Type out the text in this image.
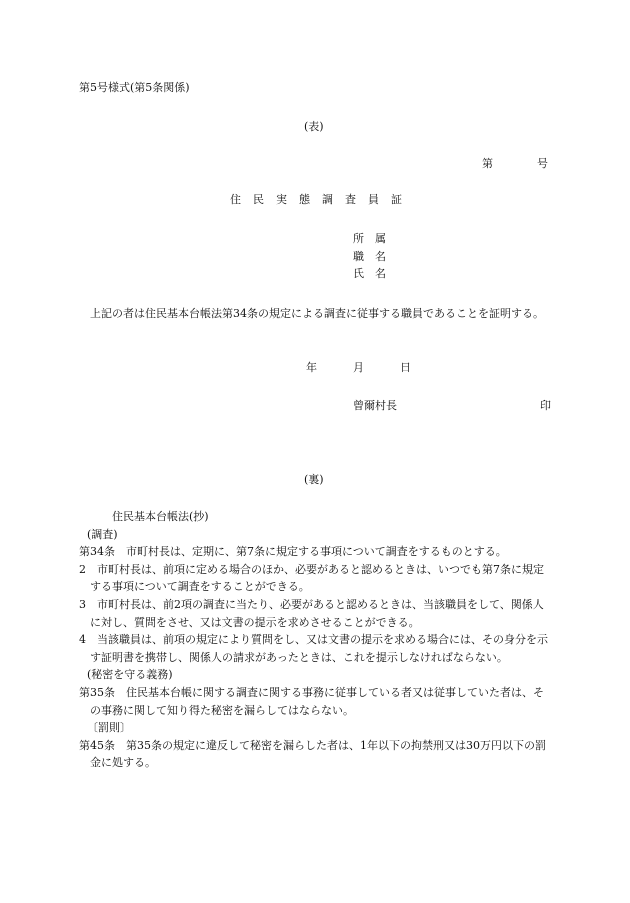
第5号様式(第5条関係)
(表)
第	号
住 民 実 態 調 査 員 証
所 属
職 名
氏 名
上記の者は住民基本台帳法第34条の規定による調査に従事する職員であることを証明する。
年	月	日
曾爾村長	印
(裏)
住民基本台帳法(抄)
(調査)
第34条　市町村長は、定期に、第7条に規定する事項について調査をするものとする。
2　市町村長は、前項に定める場合のほか、必要があると認めるときは、いつでも第7条に規定する事項について調査をすることができる。
3　市町村長は、前2項の調査に当たり、必要があると認めるときは、当該職員をして、関係人に対し、質問をさせ、又は文書の提示を求めさせることができる。
4　当該職員は、前項の規定により質問をし、又は文書の提示を求める場合には、その身分を示す証明書を携帯し、関係人の請求があったときは、これを提示しなければならない。
(秘密を守る義務)
第35条　住民基本台帳に関する調査に関する事務に従事している者又は従事していた者は、その事務に関して知り得た秘密を漏らしてはならない。
〔罰則〕
第45条　第35条の規定に違反して秘密を漏らした者は、1年以下の拘禁刑又は30万円以下の罰金に処する。
